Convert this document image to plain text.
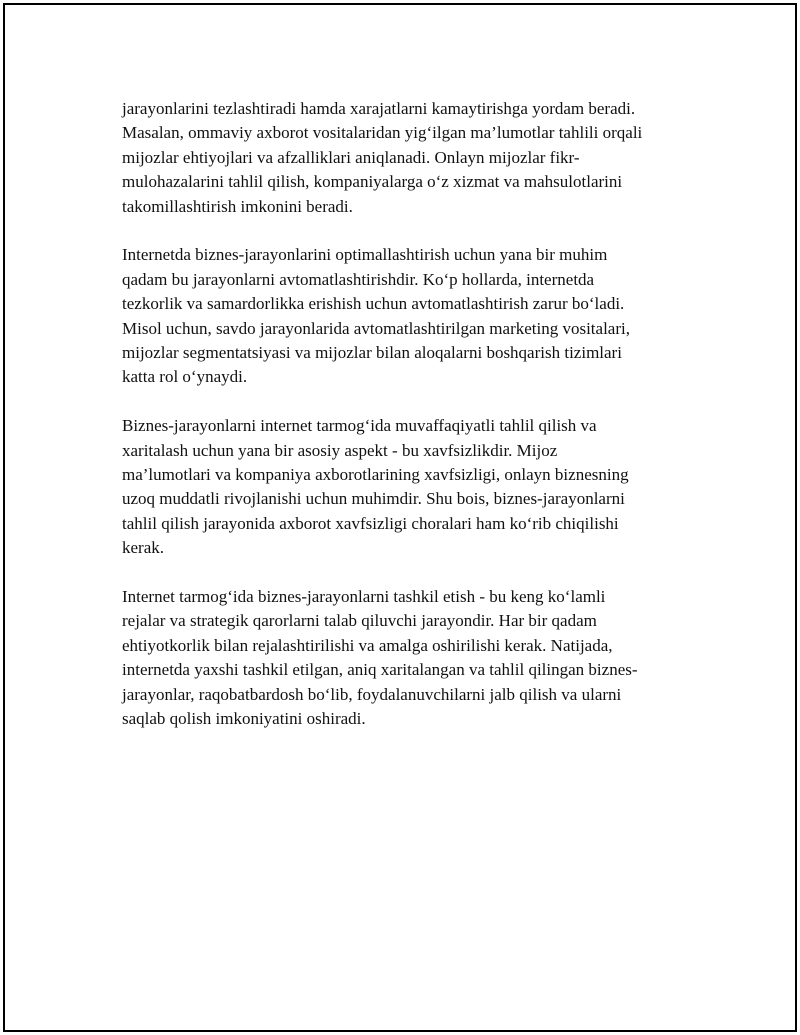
jarayonlarini tezlashtiradi hamda xarajatlarni kamaytirishga yordam beradi.
Masalan, ommaviy axborot vositalaridan yig‘ilgan ma’lumotlar tahlili orqali
mijozlar ehtiyojlari va afzalliklari aniqlanadi. Onlayn mijozlar fikr-
mulohazalarini tahlil qilish, kompaniyalarga o‘z xizmat va mahsulotlarini
takomillashtirish imkonini beradi.

Internetda biznes-jarayonlarini optimallashtirish uchun yana bir muhim
qadam bu jarayonlarni avtomatlashtirishdir. Ko‘p hollarda, internetda
tezkorlik va samardorlikka erishish uchun avtomatlashtirish zarur bo‘ladi.
Misol uchun, savdo jarayonlarida avtomatlashtirilgan marketing vositalari,
mijozlar segmentatsiyasi va mijozlar bilan aloqalarni boshqarish tizimlari
katta rol o‘ynaydi.

Biznes-jarayonlarni internet tarmog‘ida muvaffaqiyatli tahlil qilish va
xaritalash uchun yana bir asosiy aspekt - bu xavfsizlikdir. Mijoz
ma’lumotlari va kompaniya axborotlarining xavfsizligi, onlayn biznesning
uzoq muddatli rivojlanishi uchun muhimdir. Shu bois, biznes-jarayonlarni
tahlil qilish jarayonida axborot xavfsizligi choralari ham ko‘rib chiqilishi
kerak.

Internet tarmog‘ida biznes-jarayonlarni tashkil etish - bu keng ko‘lamli
rejalar va strategik qarorlarni talab qiluvchi jarayondir. Har bir qadam
ehtiyotkorlik bilan rejalashtirilishi va amalga oshirilishi kerak. Natijada,
internetda yaxshi tashkil etilgan, aniq xaritalangan va tahlil qilingan biznes-
jarayonlar, raqobatbardosh bo‘lib, foydalanuvchilarni jalb qilish va ularni
saqlab qolish imkoniyatini oshiradi.
